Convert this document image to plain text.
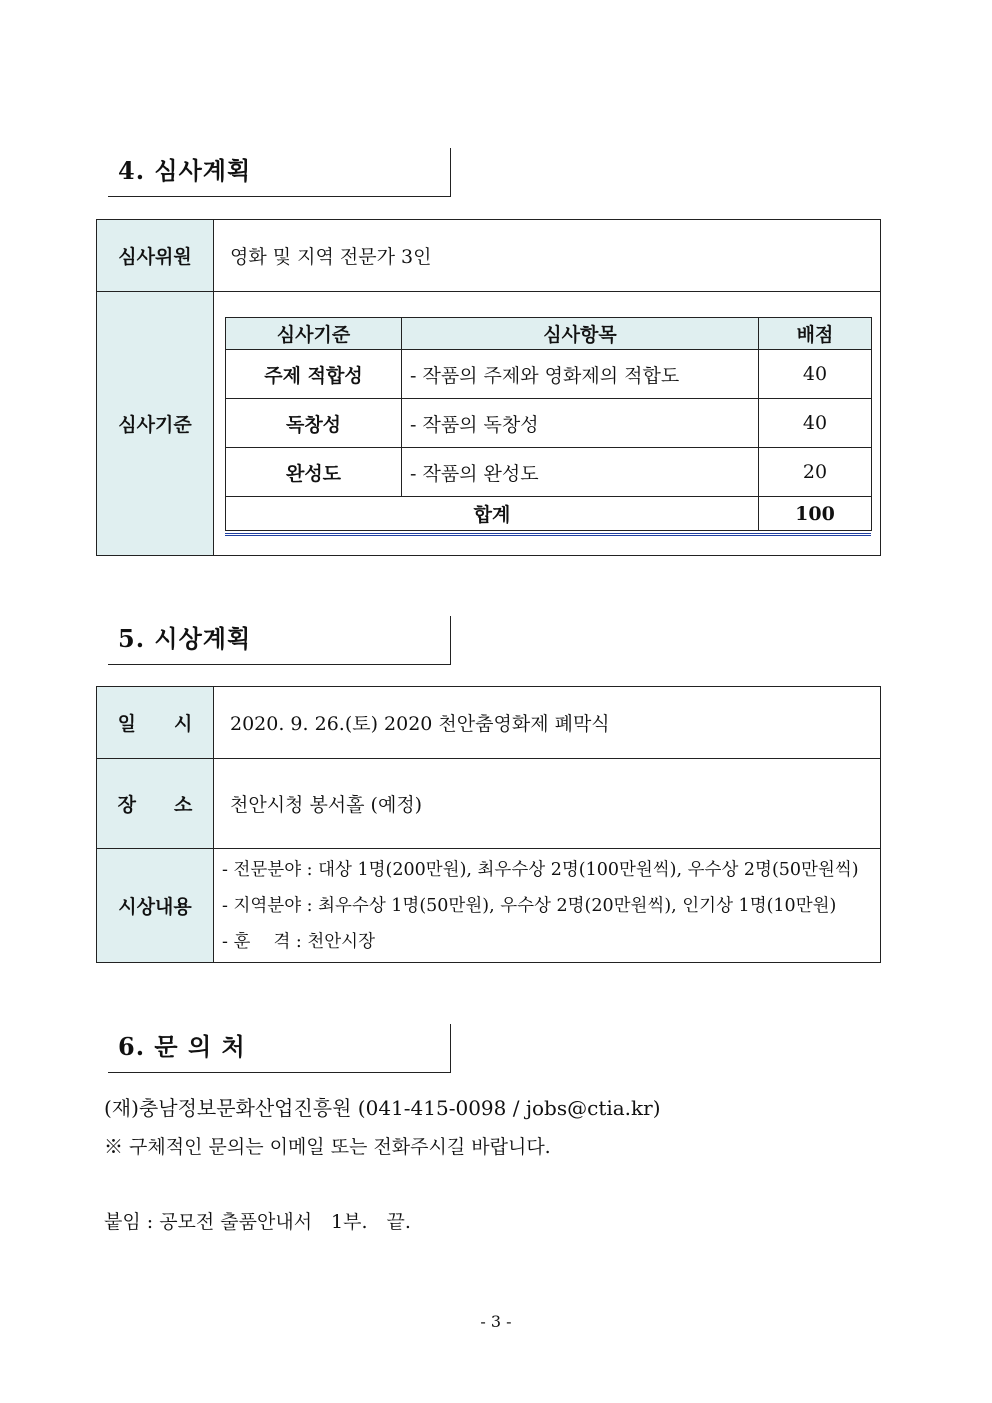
4. 심사계획
심사위원	영화 및 지역 전문가 3인
심사기준	
심사기준	심사항목	배점
주제 적합성	- 작품의 주제와 영화제의 적합도	40
독창성	- 작품의 독창성	40
완성도	- 작품의 완성도	20
합계	100
5. 시상계획
일　　시	2020. 9. 26.(토) 2020 천안춤영화제 폐막식
장　　소	천안시청 봉서홀 (예정)
시상내용	- 전문분야 : 대상 1명(200만원), 최우수상 2명(100만원씩), 우수상 2명(50만원씩)
- 지역분야 : 최우수상 1명(50만원), 우수상 2명(20만원씩), 인기상 1명(10만원)
- 훈　 격 : 천안시장
6. 문 의 처
(재)충남정보문화산업진흥원 (041-415-0098 / jobs@ctia.kr)
※ 구체적인 문의는 이메일 또는 전화주시길 바랍니다.
붙임 : 공모전 출품안내서　1부.　끝.
- 3 -
